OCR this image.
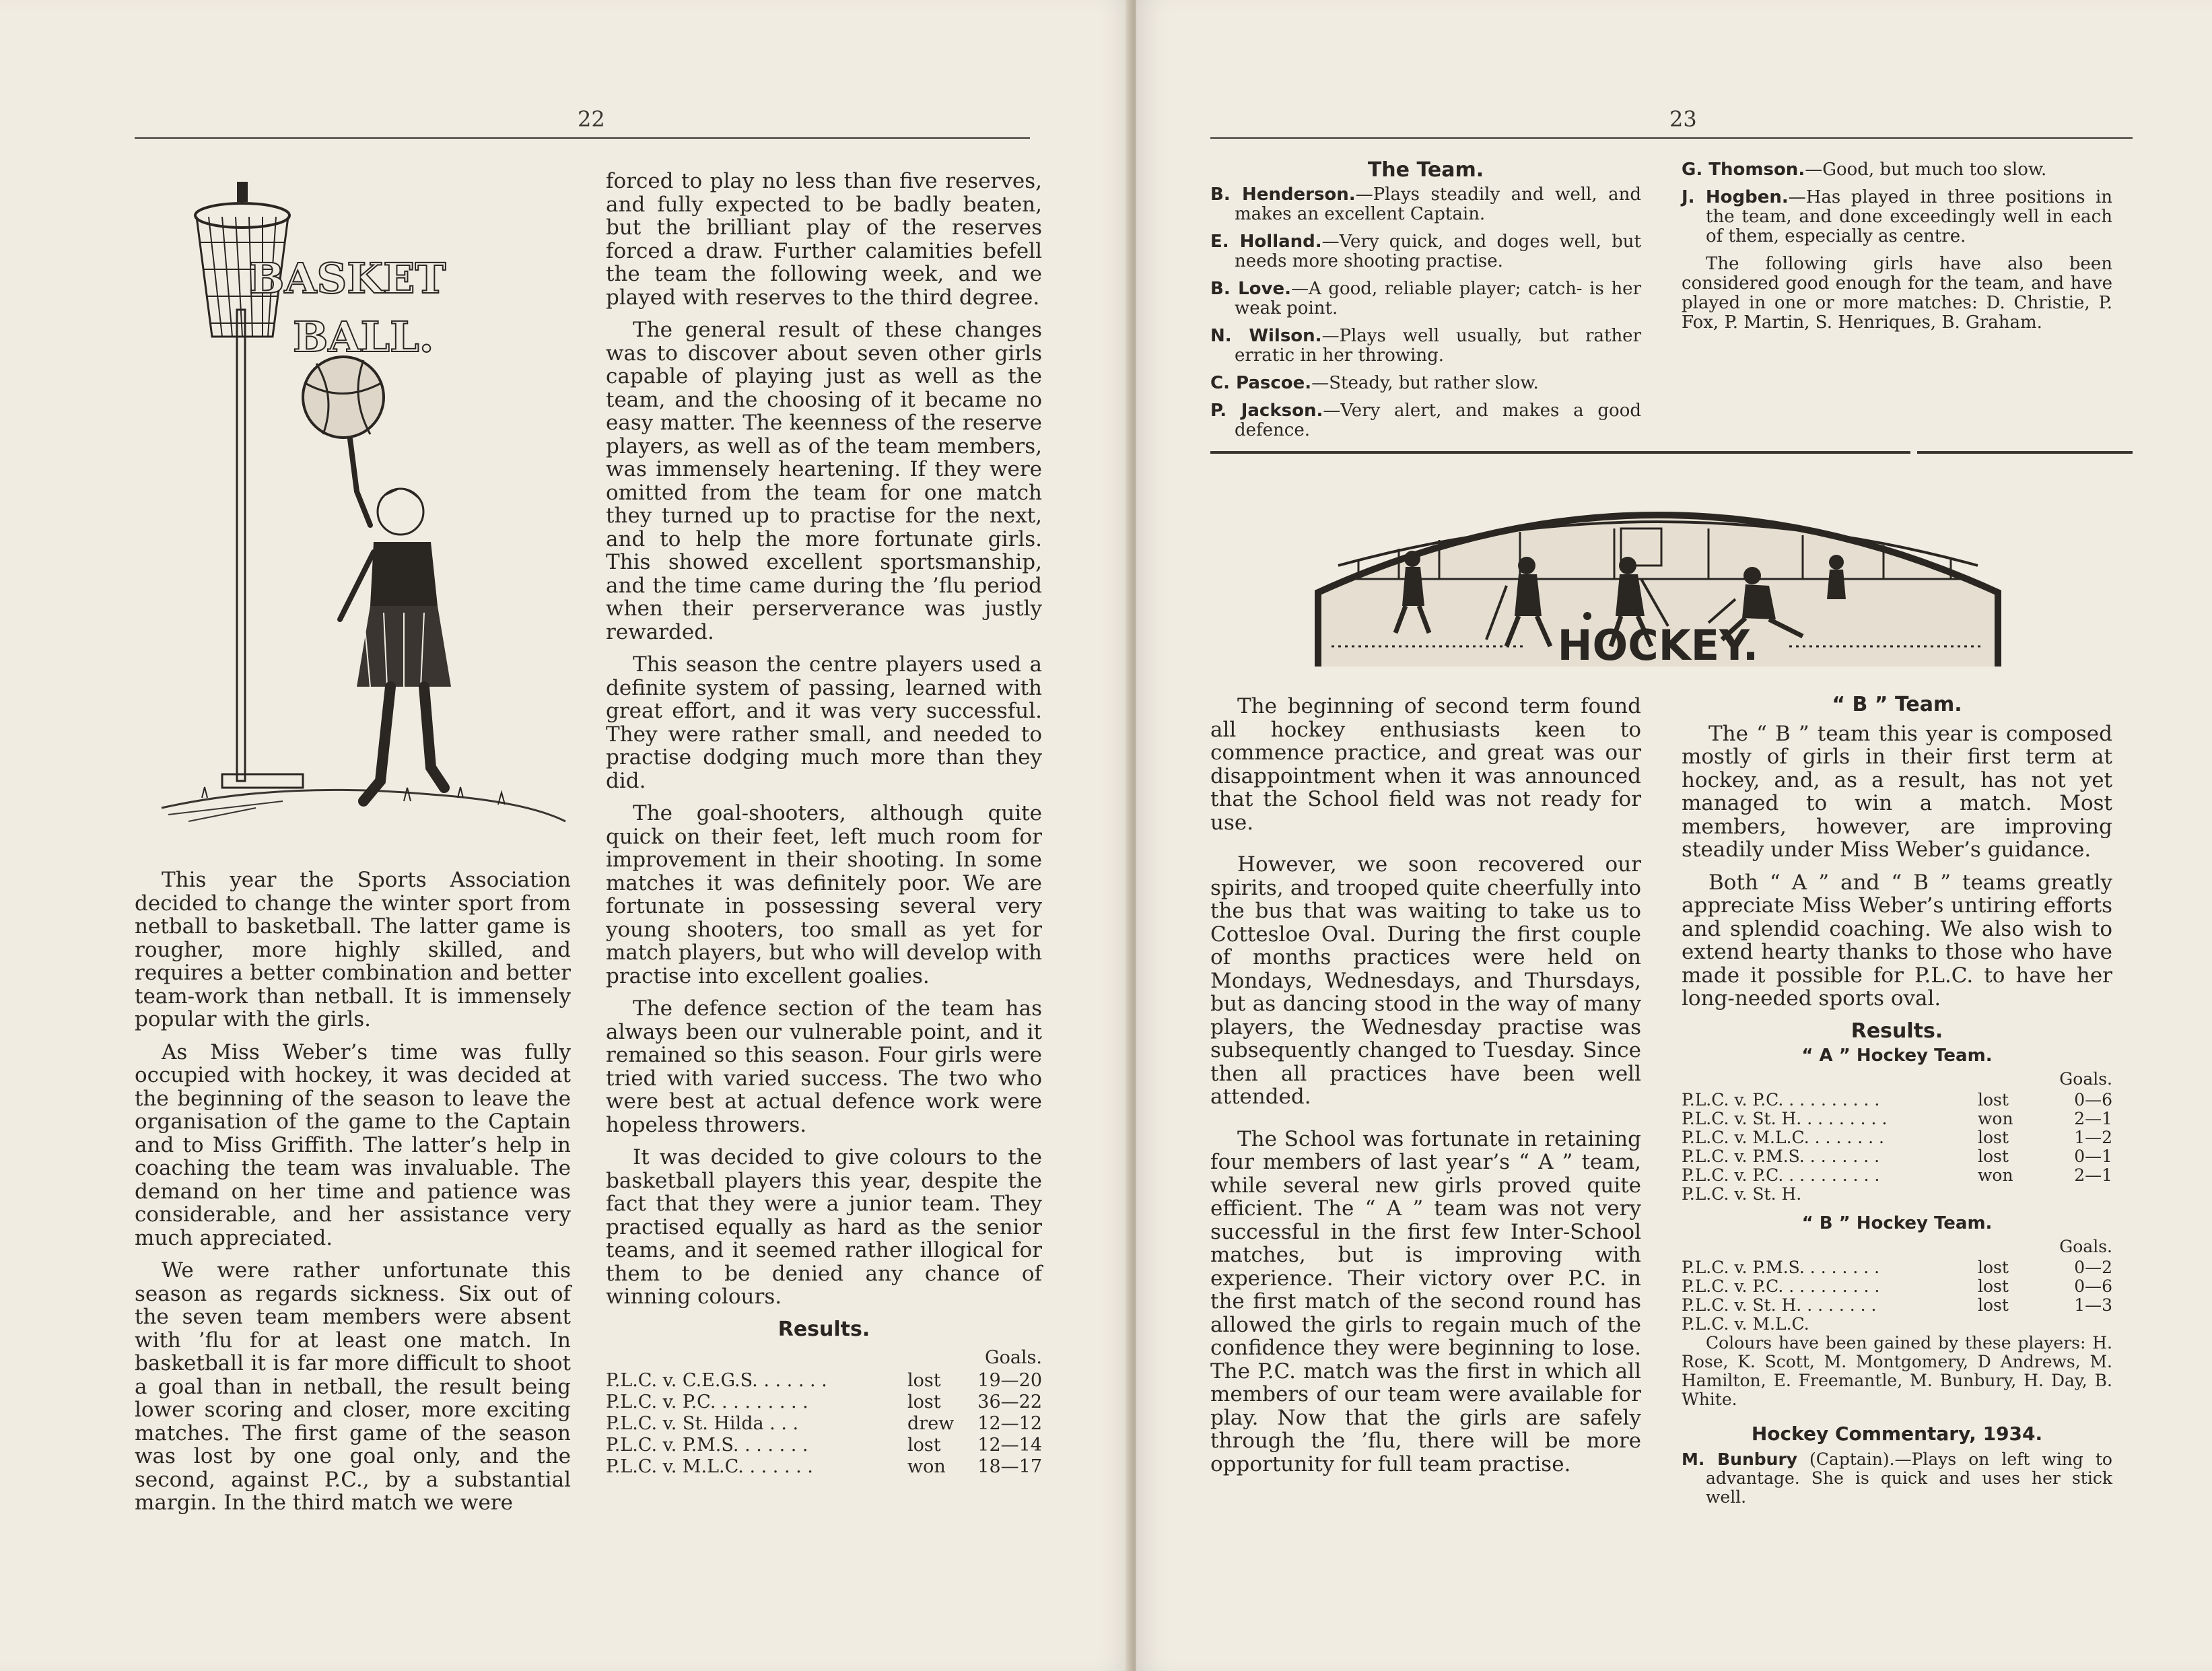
22
BASKET
BALL.

This year the Sports Association decided to change the winter sport from netball to basketball. The latter game is rougher, more highly skilled, and requires a better combination and better team-work than netball. It is immensely popular with the girls.

As Miss Weber’s time was fully occupied with hockey, it was decided at the beginning of the season to leave the organisation of the game to the Captain and to Miss Griffith. The latter’s help in coaching the team was invaluable. The demand on her time and patience was considerable, and her assistance very much appreciated.

We were rather unfortunate this season as regards sickness. Six out of the seven team members were absent with ’flu for at least one match. In basketball it is far more difficult to shoot a goal than in netball, the result being lower scoring and closer, more exciting matches. The first game of the season was lost by one goal only, and the second, against P.C., by a substantial margin. In the third match we were

forced to play no less than five reserves, and fully expected to be badly beaten, but the brilliant play of the reserves forced a draw. Further calamities befell the team the following week, and we played with reserves to the third degree.

The general result of these changes was to discover about seven other girls capable of playing just as well as the team, and the choosing of it became no easy matter. The keenness of the reserve players, as well as of the team members, was immensely heartening. If they were omitted from the team for one match they turned up to practise for the next, and to help the more fortunate girls. This showed excellent sportsmanship, and the time came during the ’flu period when their perserverance was justly rewarded.

This season the centre players used a definite system of passing, learned with great effort, and it was very successful. They were rather small, and needed to practise dodging much more than they did.

The goal-shooters, although quite quick on their feet, left much room for improvement in their shooting. In some matches it was definitely poor. We are fortunate in possessing several very young shooters, too small as yet for match players, but who will develop with practise into excellent goalies.

The defence section of the team has always been our vulnerable point, and it remained so this season. Four girls were tried with varied success. The two who were best at actual defence work were hopeless throwers.

It was decided to give colours to the basketball players this year, despite the fact that they were a junior team. They practised equally as hard as the senior teams, and it seemed rather illogical for them to be denied any chance of winning colours.

Results.
Goals.
P.L.C. v. C.E.G.S. . . . . . .	lost	19—20
P.L.C. v. P.C. . . . . . . . .	lost	36—22
P.L.C. v. St. Hilda . . .	drew	12—12
P.L.C. v. P.M.S. . . . . . .	lost	12—14
P.L.C. v. M.L.C. . . . . . .	won	18—17
23
The Team.
B. Henderson.—Plays steadily and well, and makes an excellent Captain.
E. Holland.—Very quick, and doges well, but needs more shooting practise.
B. Love.—A good, reliable player; catch- is her weak point.
N. Wilson.—Plays well usually, but rather erratic in her throwing.
C. Pascoe.—Steady, but rather slow.
P. Jackson.—Very alert, and makes a good defence.
G. Thomson.—Good, but much too slow.
J. Hogben.—Has played in three positions in the team, and done exceedingly well in each of them, especially as centre.
The following girls have also been considered good enough for the team, and have played in one or more matches: D. Christie, P. Fox, P. Martin, S. Henriques, B. Graham.
HOCKEY.

The beginning of second term found all hockey enthusiasts keen to commence practice, and great was our disappointment when it was announced that the School field was not ready for use.

However, we soon recovered our spirits, and trooped quite cheerfully into the bus that was waiting to take us to Cottesloe Oval. During the first couple of months practices were held on Mondays, Wednesdays, and Thursdays, but as dancing stood in the way of many players, the Wednesday practise was subsequently changed to Tuesday. Since then all practices have been well attended.

The School was fortunate in retaining four members of last year’s “ A ” team, while several new girls proved quite efficient. The “ A ” team was not very successful in the first few Inter-School matches, but is improving with experience. Their victory over P.C. in the first match of the second round has allowed the girls to regain much of the confidence they were beginning to lose. The P.C. match was the first in which all members of our team were available for play. Now that the girls are safely through the ’flu, there will be more opportunity for full team practise.

“ B ” Team.

The “ B ” team this year is composed mostly of girls in their first term at hockey, and, as a result, has not yet managed to win a match. Most members, however, are improving steadily under Miss Weber’s guidance.

Both “ A ” and “ B ” teams greatly appreciate Miss Weber’s untiring efforts and splendid coaching. We also wish to extend hearty thanks to those who have made it possible for P.L.C. to have her long-needed sports oval.

Results.
“ A ” Hockey Team.
Goals.
P.L.C. v. P.C. . . . . . . . . .	lost	0—6
P.L.C. v. St. H. . . . . . . . .	won	2—1
P.L.C. v. M.L.C. . . . . . . .	lost	1—2
P.L.C. v. P.M.S. . . . . . . .	lost	0—1
P.L.C. v. P.C. . . . . . . . . .	won	2—1
P.L.C. v. St. H.
“ B ” Hockey Team.
Goals.
P.L.C. v. P.M.S. . . . . . . .	lost	0—2
P.L.C. v. P.C. . . . . . . . . .	lost	0—6
P.L.C. v. St. H. . . . . . . .	lost	1—3
P.L.C. v. M.L.C.
Colours have been gained by these players: H. Rose, K. Scott, M. Montgomery, D Andrews, M. Hamilton, E. Freemantle, M. Bunbury, H. Day, B. White.
Hockey Commentary, 1934.
M. Bunbury (Captain).—Plays on left wing to advantage. She is quick and uses her stick well.
